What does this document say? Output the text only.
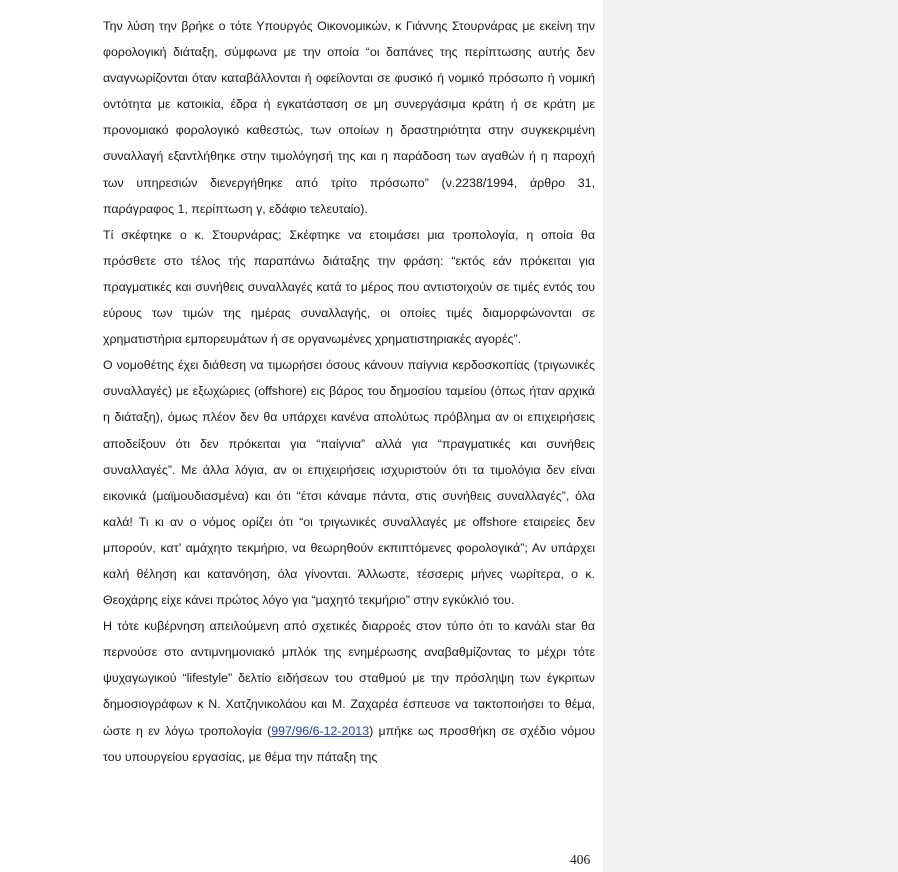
Την λύση την βρήκε ο τότε Υπουργός Οικονομικών, κ Γιάννης Στουρνάρας με εκείνη την φορολογική διάταξη, σύμφωνα με την οποία “οι δαπάνες της περίπτωσης αυτής δεν αναγνωρίζονται όταν καταβάλλονται ή οφείλονται σε φυσικό ή νομικό πρόσωπο ή νομική οντότητα με κατοικία, έδρα ή εγκατάσταση σε μη συνεργάσιμα κράτη ή σε κράτη με προνομιακό φορολογικό καθεστώς, των οποίων η δραστηριότητα στην συγκεκριμένη συναλλαγή εξαντλήθηκε στην τιμολόγησή της και η παράδοση των αγαθών ή η παροχή των υπηρεσιών διενεργήθηκε από τρίτο πρόσωπο” (ν.2238/1994, άρθρο 31, παράγραφος 1, περίπτωση γ, εδάφιο τελευταίο).

Τί σκέφτηκε ο κ. Στουρνάρας; Σκέφτηκε να ετοιμάσει μια τροπολογία, η οποία θα πρόσθετε στο τέλος τής παραπάνω διάταξης την φράση: “εκτός εάν πρόκειται για πραγματικές και συνήθεις συναλλαγές κατά το μέρος που αντιστοιχούν σε τιμές εντός του εύρους των τιμών της ημέρας συναλλαγής, οι οποίες τιμές διαμορφώνονται σε χρηματιστήρια εμπορευμάτων ή σε οργανωμένες χρηματιστηριακές αγορές”.

Ο νομοθέτης έχει διάθεση να τιμωρήσει όσους κάνουν παίγνια κερδοσκοπίας (τριγωνικές συναλλαγές) με εξωχώριες (offshore) εις βάρος του δημοσίου ταμείου (όπως ήταν αρχικά η διάταξη), όμως πλέον δεν θα υπάρχει κανένα απολύτως πρόβλημα αν οι επιχειρήσεις αποδείξουν ότι δεν πρόκειται για “παίγνια” αλλά για “πραγματικές και συνήθεις συναλλαγές”. Με άλλα λόγια, αν οι επιχειρήσεις ισχυριστούν ότι τα τιμολόγια δεν είναι εικονικά (μαϊμουδιασμένα) και ότι “έτσι κάναμε πάντα, στις συνήθεις συναλλαγές”, όλα καλά! Τι κι αν ο νόμος ορίζει ότι “οι τριγωνικές συναλλαγές με offshore εταιρείες δεν μπορούν, κατ’ αμάχητο τεκμήριο, να θεωρηθούν εκπιπτόμενες φορολογικά”; Αν υπάρχει καλή θέληση και κατανόηση, όλα γίνονται. Άλλωστε, τέσσερις μήνες νωρίτερα, ο κ. Θεοχάρης είχε κάνει πρώτος λόγο για “μαχητό τεκμήριο” στην εγκύκλιό του.

Η τότε κυβέρνηση απειλούμενη από σχετικές διαρροές στον τύπο ότι το κανάλι star θα περνούσε στο αντιμνημονιακό μπλόκ της ενημέρωσης αναβαθμίζοντας το μέχρι τότε ψυχαγωγικού “lifestyle” δελτίο ειδήσεων του σταθμού με την πρόσληψη των έγκριτων δημοσιογράφων κ Ν. Χατζηνικολάου και Μ. Ζαχαρέα έσπευσε να τακτοποιήσει το θέμα, ώστε η εν λόγω τροπολογία (997/96/6-12-2013) μπήκε ως προσθήκη σε σχέδιο νόμου του υπουργείου εργασίας, με θέμα την πάταξη της

406
